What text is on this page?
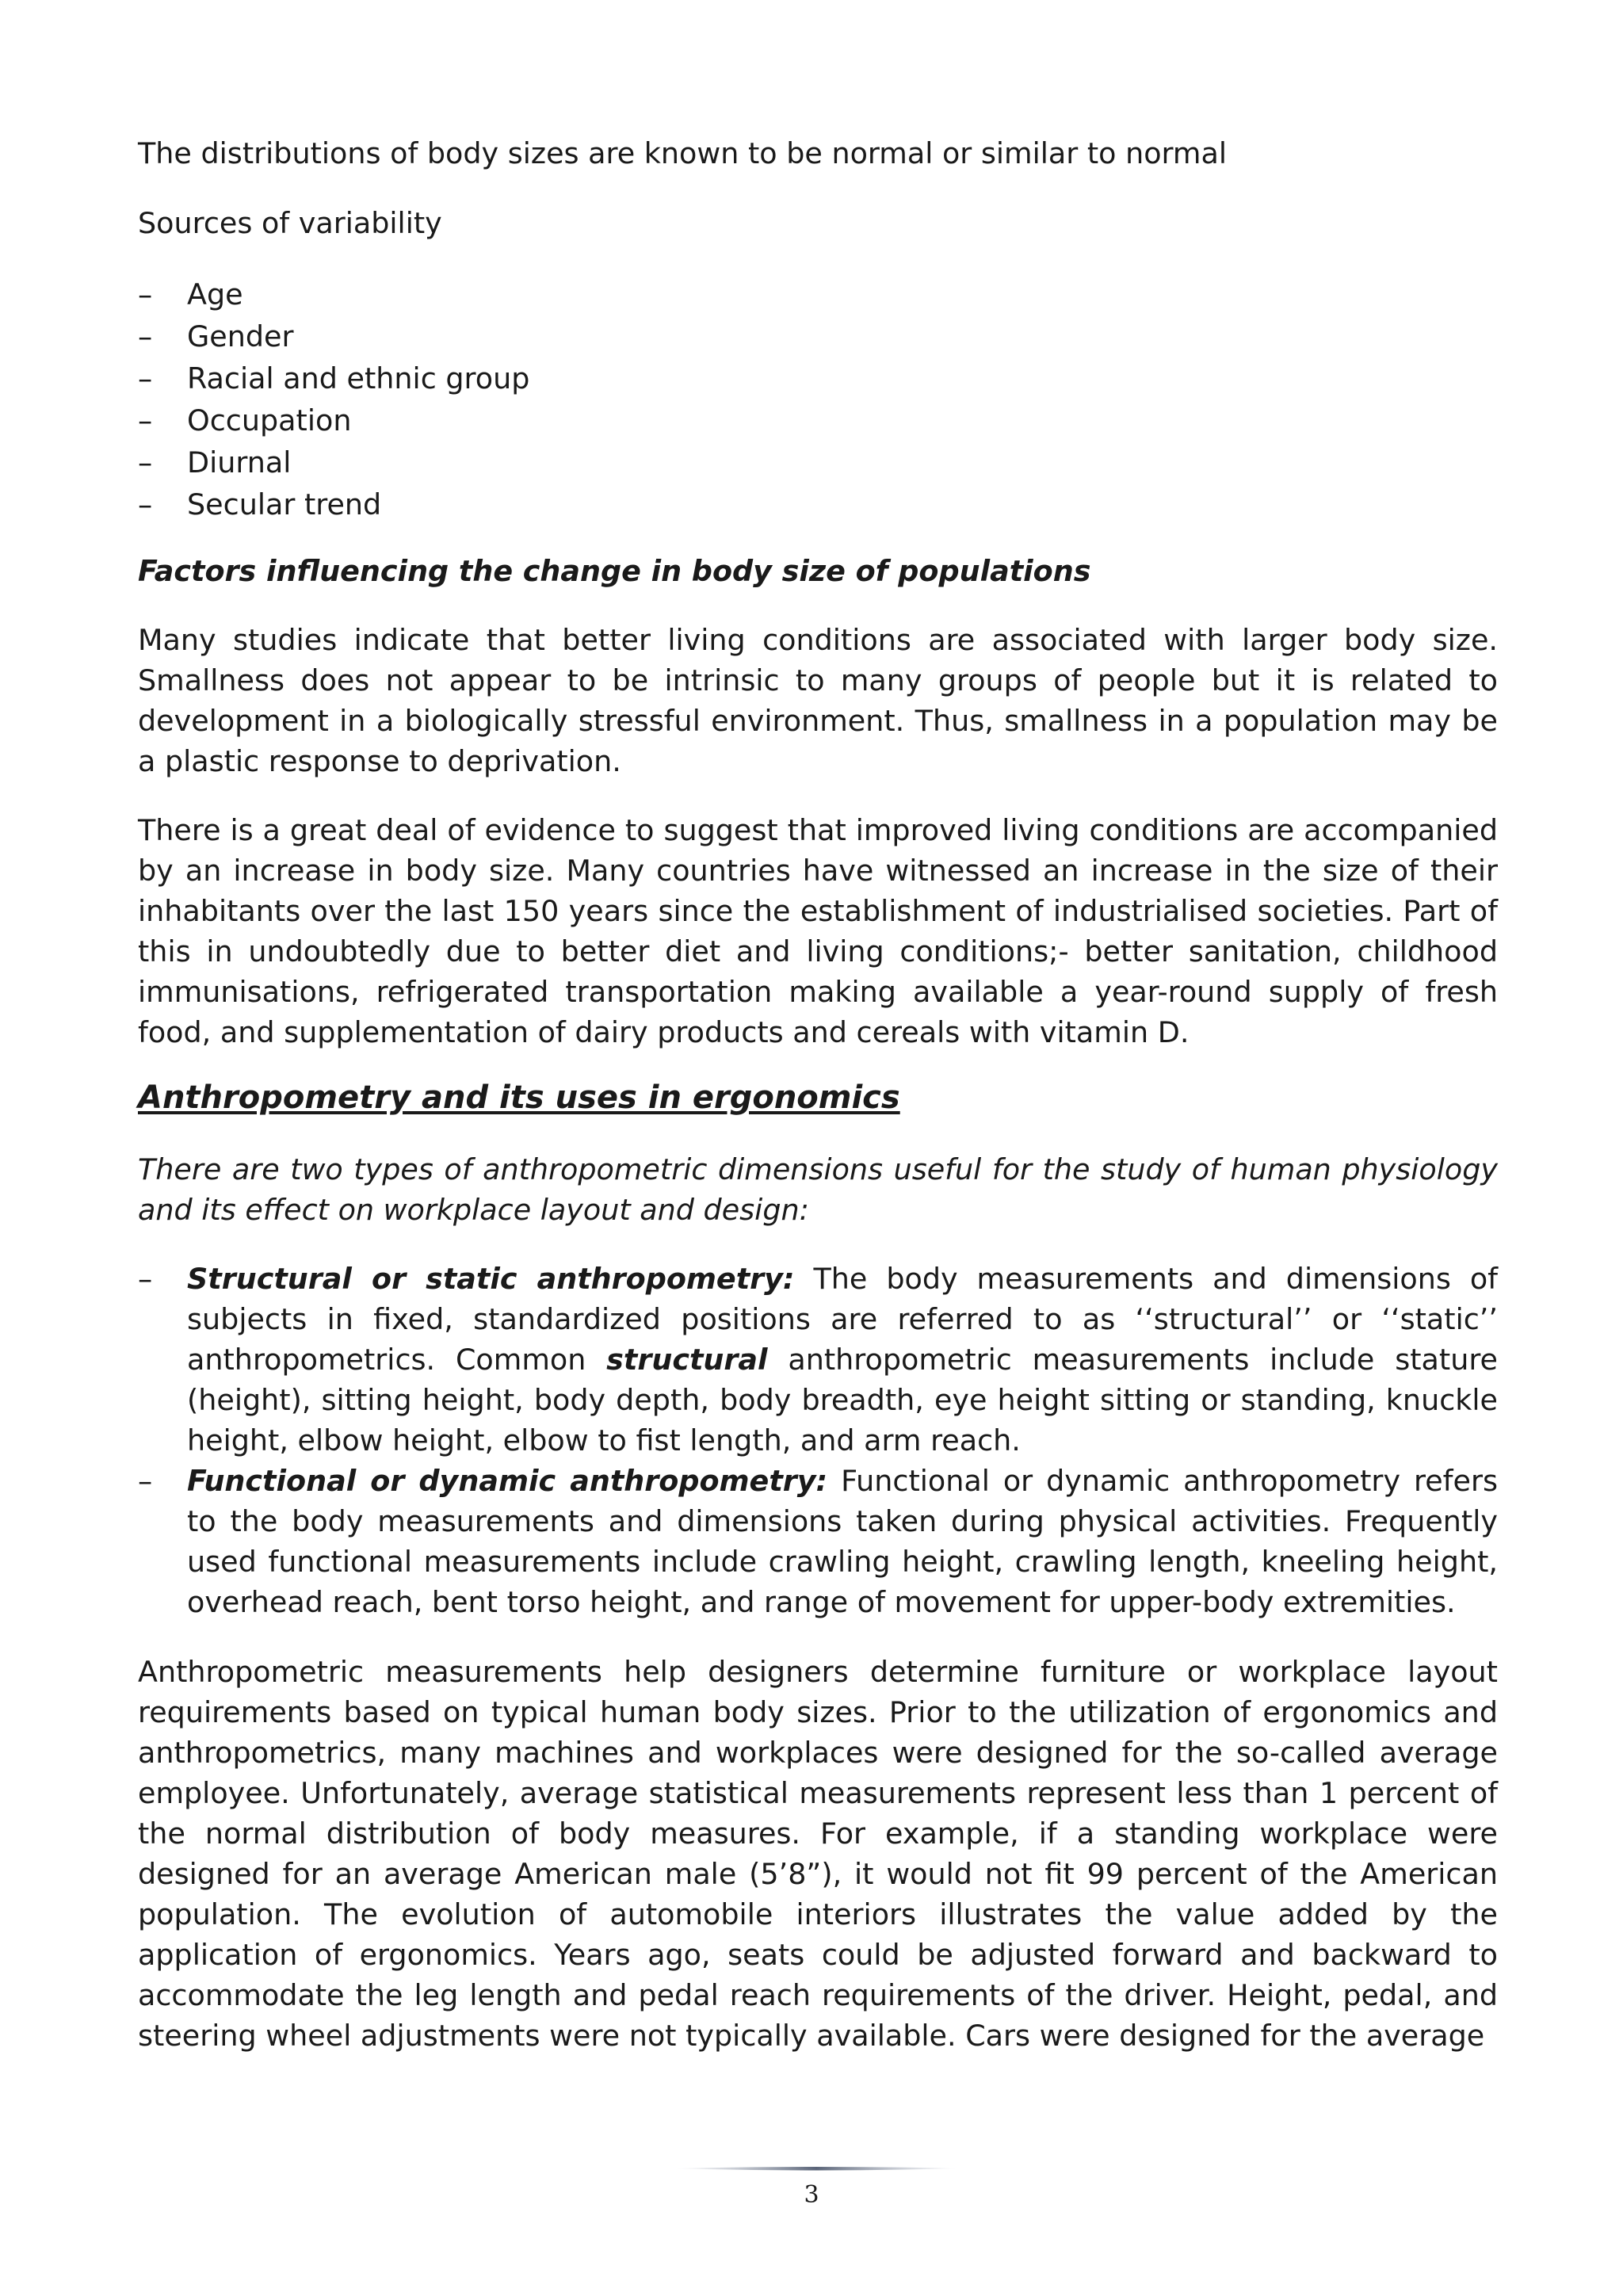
The distributions of body sizes are known to be normal or similar to normal

Sources of variability

–	Age
–	Gender
–	Racial and ethnic group
–	Occupation
–	Diurnal
–	Secular trend

Factors influencing the change in body size of populations

Many studies indicate that better living conditions are associated with larger body size. Smallness does not appear to be intrinsic to many groups of people but it is related to development in a biologically stressful environment. Thus, smallness in a population may be a plastic response to deprivation.

There is a great deal of evidence to suggest that improved living conditions are accompanied by an increase in body size. Many countries have witnessed an increase in the size of their inhabitants over the last 150 years since the establishment of industrialised societies. Part of this in undoubtedly due to better diet and living conditions;- better sanitation, childhood immunisations, refrigerated transportation making available a year-round supply of fresh food, and supplementation of dairy products and cereals with vitamin D.

Anthropometry and its uses in ergonomics

There are two types of anthropometric dimensions useful for the study of human physiology and its effect on workplace layout and design:

–	Structural or static anthropometry: The body measurements and dimensions of subjects in fixed, standardized positions are referred to as ‘‘structural’’ or ‘‘static’’ anthropometrics. Common structural anthropometric measurements include stature (height), sitting height, body depth, body breadth, eye height sitting or standing, knuckle height, elbow height, elbow to fist length, and arm reach.
–	Functional or dynamic anthropometry: Functional or dynamic anthropometry refers to the body measurements and dimensions taken during physical activities. Frequently used functional measurements include crawling height, crawling length, kneeling height, overhead reach, bent torso height, and range of movement for upper-body extremities.

Anthropometric measurements help designers determine furniture or workplace layout requirements based on typical human body sizes. Prior to the utilization of ergonomics and anthropometrics, many machines and workplaces were designed for the so-called average employee. Unfortunately, average statistical measurements represent less than 1 percent of the normal distribution of body measures. For example, if a standing workplace were designed for an average American male (5’8”), it would not fit 99 percent of the American population. The evolution of automobile interiors illustrates the value added by the application of ergonomics. Years ago, seats could be adjusted forward and backward to accommodate the leg length and pedal reach requirements of the driver. Height, pedal, and steering wheel adjustments were not typically available. Cars were designed for the average

3
